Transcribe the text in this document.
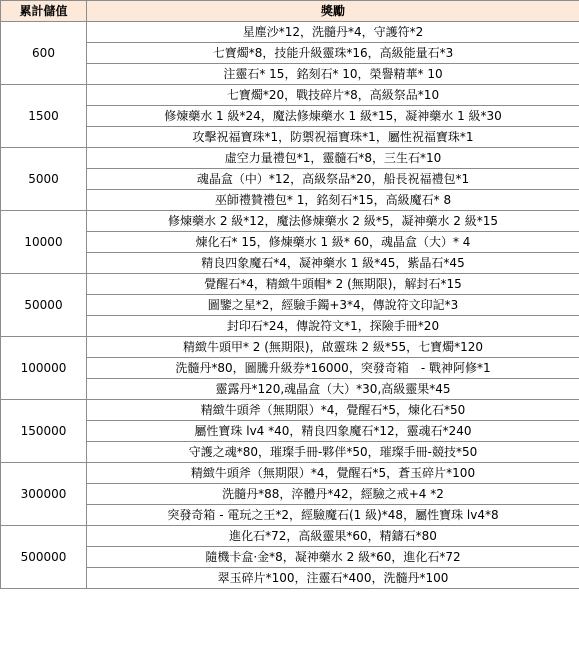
累計儲值	獎勵
600	星塵沙*12，洗髓丹*4，守護符*2
	七寶燭*8，技能升級靈珠*16，高級能量石*3
	注靈石* 15，銘刻石* 10，榮譽精華* 10
1500	七寶燭*20，戰技碎片*8，高級祭品*10
	修煉藥水 1 級*24，魔法修煉藥水 1 級*15，凝神藥水 1 級*30
	攻擊祝福寶珠*1，防禦祝福寶珠*1，屬性祝福寶珠*1
5000	虛空力量禮包*1，靈髓石*8，三生石*10
	魂晶盒（中）*12，高級祭品*20，船長祝福禮包*1
	巫師禮贊禮包* 1，銘刻石*15，高級魔石* 8
10000	修煉藥水 2 級*12，魔法修煉藥水 2 級*5，凝神藥水 2 級*15
	煉化石* 15，修煉藥水 1 級* 60，魂晶盒（大）* 4
	精良四象魔石*4，凝神藥水 1 級*45，紫晶石*45
50000	覺醒石*4，精緻牛頭帽* 2 (無期限)，解封石*15
	圖鑒之星*2，經驗手鐲+3*4，傳說符文印記*3
	封印石*24，傳說符文*1，探險手冊*20
100000	精緻牛頭甲* 2 (無期限)，啟靈珠 2 級*55，七寶燭*120
	洗髓丹*80，圖騰升級券*16000，突發奇箱　- 戰神阿修*1
	靈露丹*120,魂晶盒（大）*30,高級靈果*45
150000	精緻牛頭斧（無期限）*4，覺醒石*5，煉化石*50
	屬性寶珠 lv4 *40，精良四象魔石*12，靈魂石*240
	守護之魂*80，璀璨手冊-夥伴*50，璀璨手冊-競技*50
300000	精緻牛頭斧（無期限）*4，覺醒石*5，蒼玉碎片*100
	洗髓丹*88，淬體丹*42，經驗之戒+4 *2
	突發奇箱 - 電玩之王*2，經驗魔石(1 級)*48，屬性寶珠 lv4*8
500000	進化石*72，高級靈果*60，精鑄石*80
	隨機卡盒·金*8，凝神藥水 2 級*60，進化石*72
	翠玉碎片*100，注靈石*400，洗髓丹*100
